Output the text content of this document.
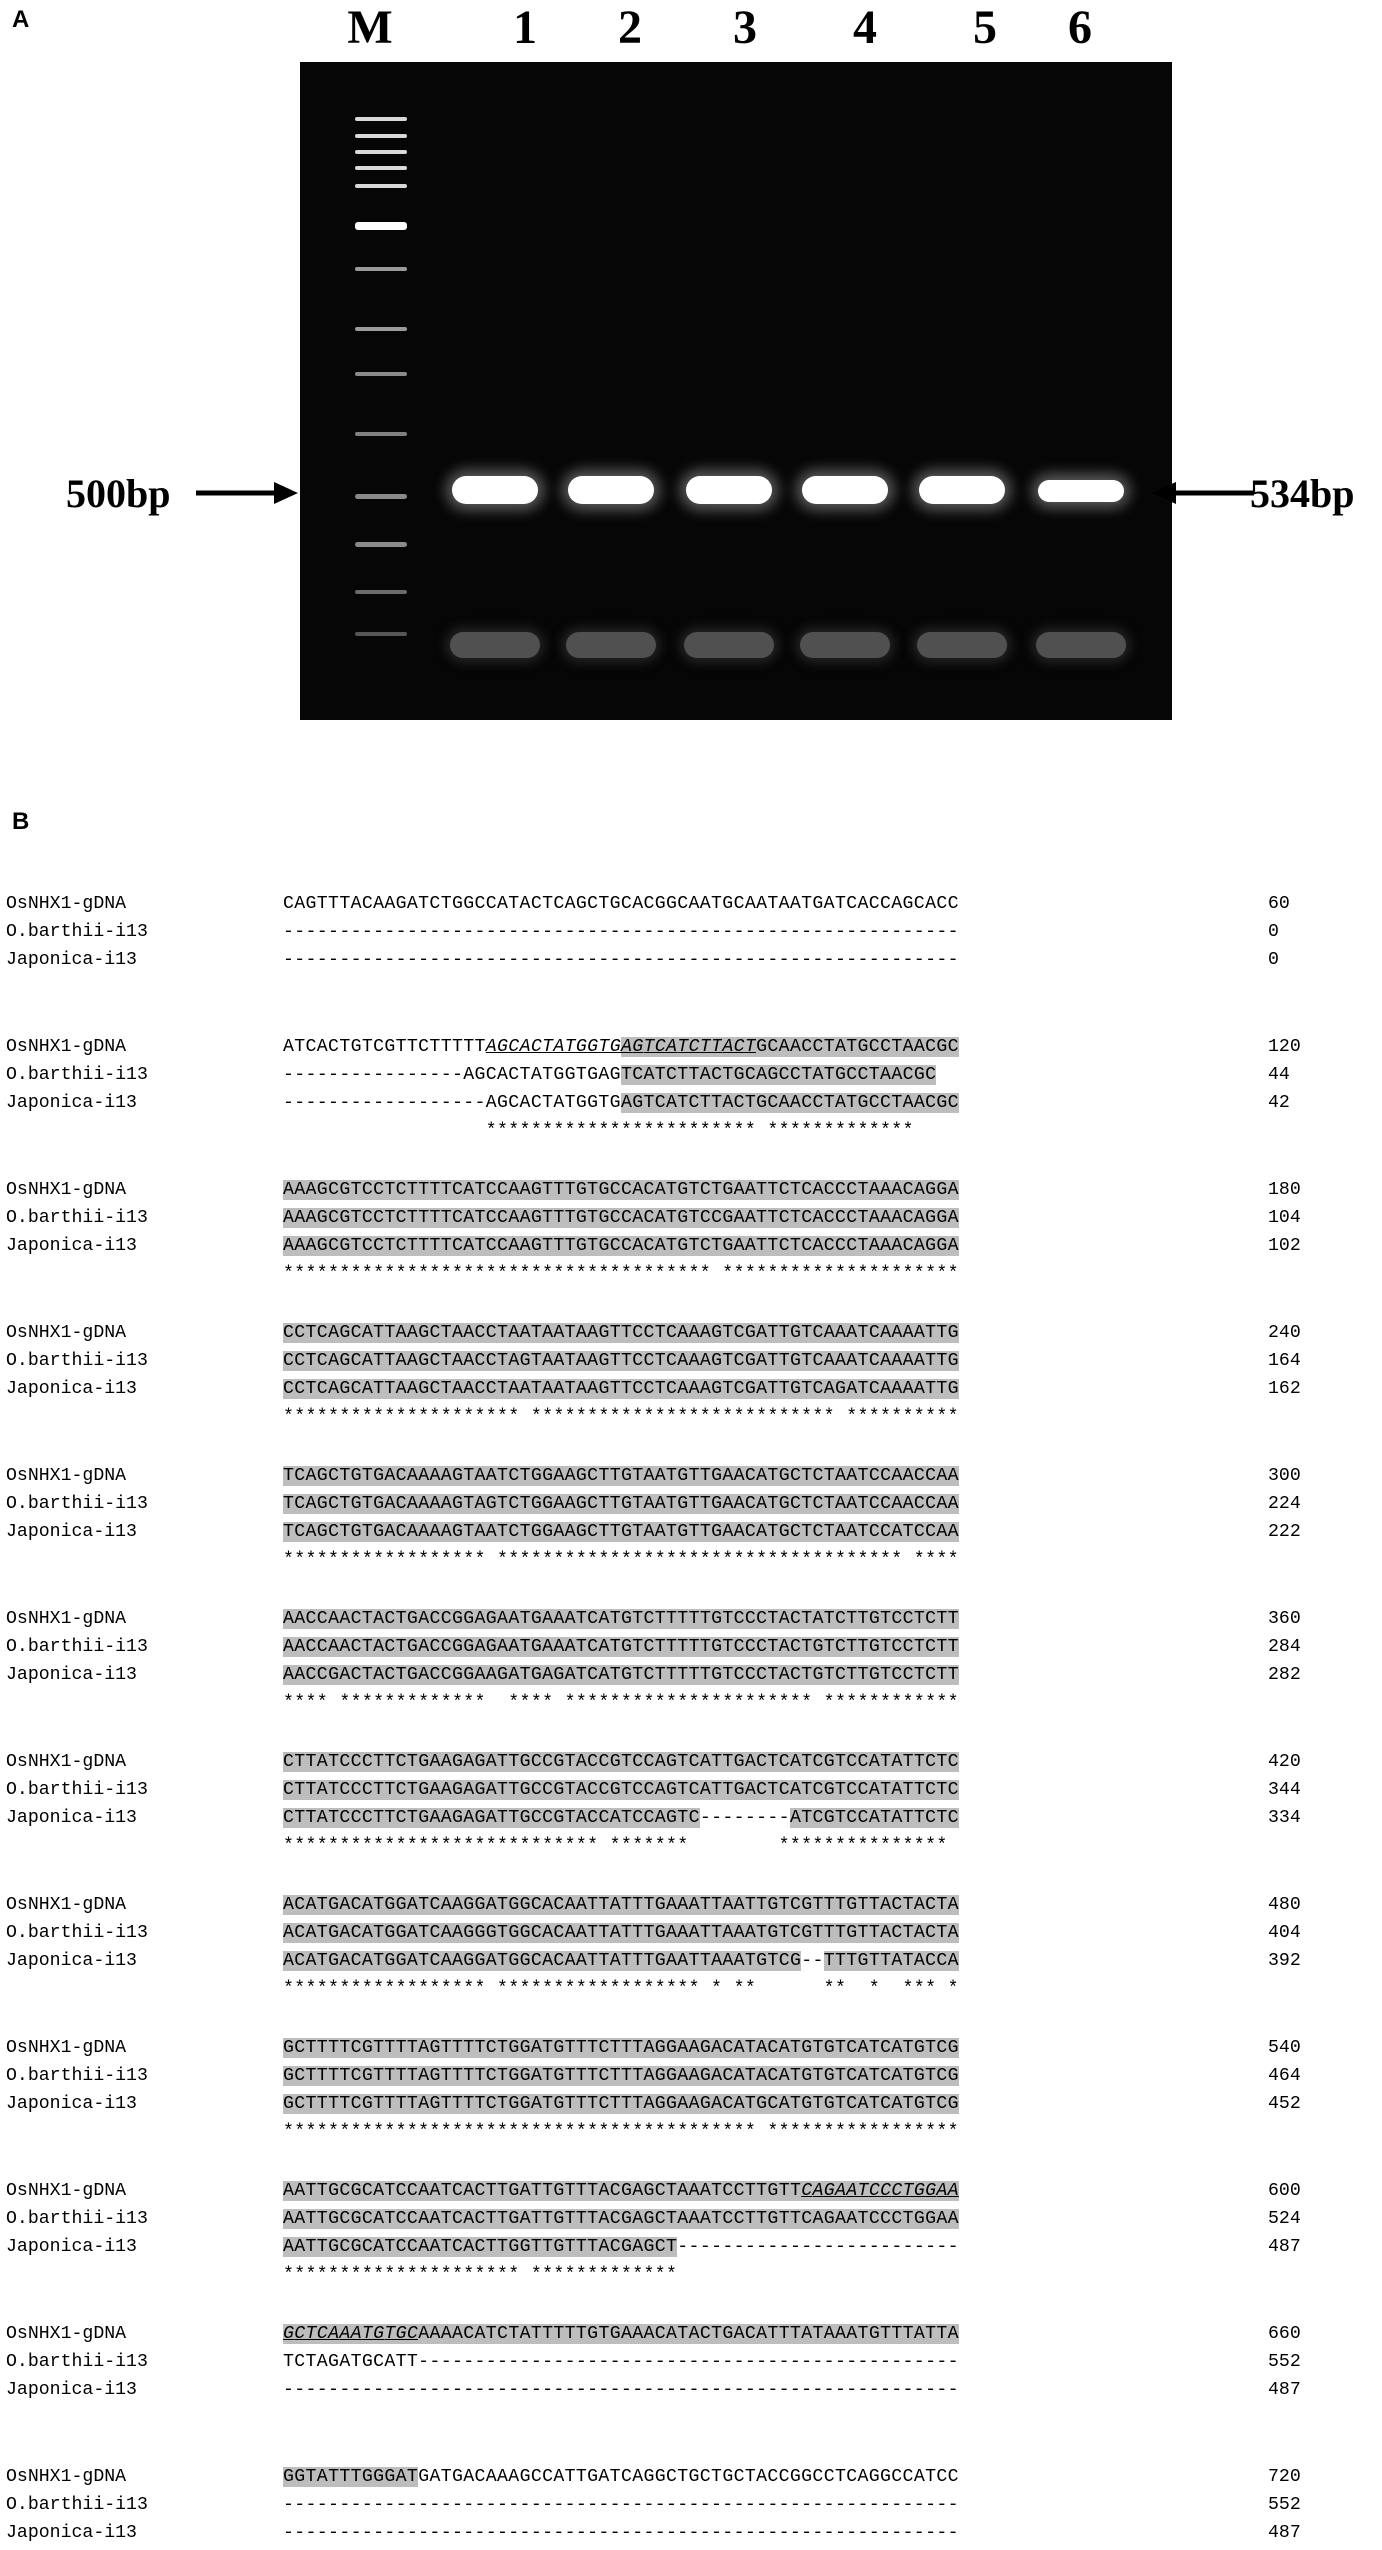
A	M	1	2	3	4	5	6
500bp	534bp
B
OsNHX1-gDNA	CAGTTTACAAGATCTGGCCATACTCAGCTGCACGGCAATGCAATAATGATCACCAGCACC	60
O.barthii-i13	------------------------------------------------------------	0
Japonica-i13	------------------------------------------------------------	0
OsNHX1-gDNA	ATCACTGTCGTTCTTTTTAGCACTATGGTGAGTCATCTTACTGCAACCTATGCCTAACGC	120
O.barthii-i13	----------------AGCACTATGGTGAGTCATCTTACTGCAGCCTATGCCTAACGC	44
Japonica-i13	------------------AGCACTATGGTGAGTCATCTTACTGCAACCTATGCCTAACGC	42
************************ *************
OsNHX1-gDNA	AAAGCGTCCTCTTTTCATCCAAGTTTGTGCCACATGTCTGAATTCTCACCCTAAACAGGA	180
O.barthii-i13	AAAGCGTCCTCTTTTCATCCAAGTTTGTGCCACATGTCCGAATTCTCACCCTAAACAGGA	104
Japonica-i13	AAAGCGTCCTCTTTTCATCCAAGTTTGTGCCACATGTCTGAATTCTCACCCTAAACAGGA	102
************************************** *********************
OsNHX1-gDNA	CCTCAGCATTAAGCTAACCTAATAATAAGTTCCTCAAAGTCGATTGTCAAATCAAAATTG	240
O.barthii-i13	CCTCAGCATTAAGCTAACCTAGTAATAAGTTCCTCAAAGTCGATTGTCAAATCAAAATTG	164
Japonica-i13	CCTCAGCATTAAGCTAACCTAATAATAAGTTCCTCAAAGTCGATTGTCAGATCAAAATTG	162
********************* *************************** **********
OsNHX1-gDNA	TCAGCTGTGACAAAAGTAATCTGGAAGCTTGTAATGTTGAACATGCTCTAATCCAACCAA	300
O.barthii-i13	TCAGCTGTGACAAAAGTAGTCTGGAAGCTTGTAATGTTGAACATGCTCTAATCCAACCAA	224
Japonica-i13	TCAGCTGTGACAAAAGTAATCTGGAAGCTTGTAATGTTGAACATGCTCTAATCCATCCAA	222
****************** ************************************ ****
OsNHX1-gDNA	AACCAACTACTGACCGGAGAATGAAATCATGTCTTTTTGTCCCTACTATCTTGTCCTCTT	360
O.barthii-i13	AACCAACTACTGACCGGAGAATGAAATCATGTCTTTTTGTCCCTACTGTCTTGTCCTCTT	284
Japonica-i13	AACCGACTACTGACCGGAAGATGAGATCATGTCTTTTTGTCCCTACTGTCTTGTCCTCTT	282
**** *************  **** ********************** ************
OsNHX1-gDNA	CTTATCCCTTCTGAAGAGATTGCCGTACCGTCCAGTCATTGACTCATCGTCCATATTCTC	420
O.barthii-i13	CTTATCCCTTCTGAAGAGATTGCCGTACCGTCCAGTCATTGACTCATCGTCCATATTCTC	344
Japonica-i13	CTTATCCCTTCTGAAGAGATTGCCGTACCATCCAGTC--------ATCGTCCATATTCTC	334
**************************** *******        ***************
OsNHX1-gDNA	ACATGACATGGATCAAGGATGGCACAATTATTTGAAATTAATTGTCGTTTGTTACTACTA	480
O.barthii-i13	ACATGACATGGATCAAGGGTGGCACAATTATTTGAAATTAAATGTCGTTTGTTACTACTA	404
Japonica-i13	ACATGACATGGATCAAGGATGGCACAATTATTTGAATTAAATGTCG--TTTGTTATACCA	392
****************** ****************** * **      **  *  *** *
OsNHX1-gDNA	GCTTTTCGTTTTAGTTTTCTGGATGTTTCTTTAGGAAGACATACATGTGTCATCATGTCG	540
O.barthii-i13	GCTTTTCGTTTTAGTTTTCTGGATGTTTCTTTAGGAAGACATACATGTGTCATCATGTCG	464
Japonica-i13	GCTTTTCGTTTTAGTTTTCTGGATGTTTCTTTAGGAAGACATGCATGTGTCATCATGTCG	452
****************************************** *****************
OsNHX1-gDNA	AATTGCGCATCCAATCACTTGATTGTTTACGAGCTAAATCCTTGTTCAGAATCCCTGGAA	600
O.barthii-i13	AATTGCGCATCCAATCACTTGATTGTTTACGAGCTAAATCCTTGTTCAGAATCCCTGGAA	524
Japonica-i13	AATTGCGCATCCAATCACTTGGTTGTTTACGAGCT-------------------------	487
********************* *************
OsNHX1-gDNA	GCTCAAATGTGCAAAACATCTATTTTTGTGAAACATACTGACATTTATAAATGTTTATTA	660
O.barthii-i13	TCTAGATGCATT------------------------------------------------	552
Japonica-i13	------------------------------------------------------------	487
OsNHX1-gDNA	GGTATTTGGGATGATGACAAAGCCATTGATCAGGCTGCTGCTACCGGCCTCAGGCCATCC	720
O.barthii-i13	------------------------------------------------------------	552
Japonica-i13	------------------------------------------------------------	487
